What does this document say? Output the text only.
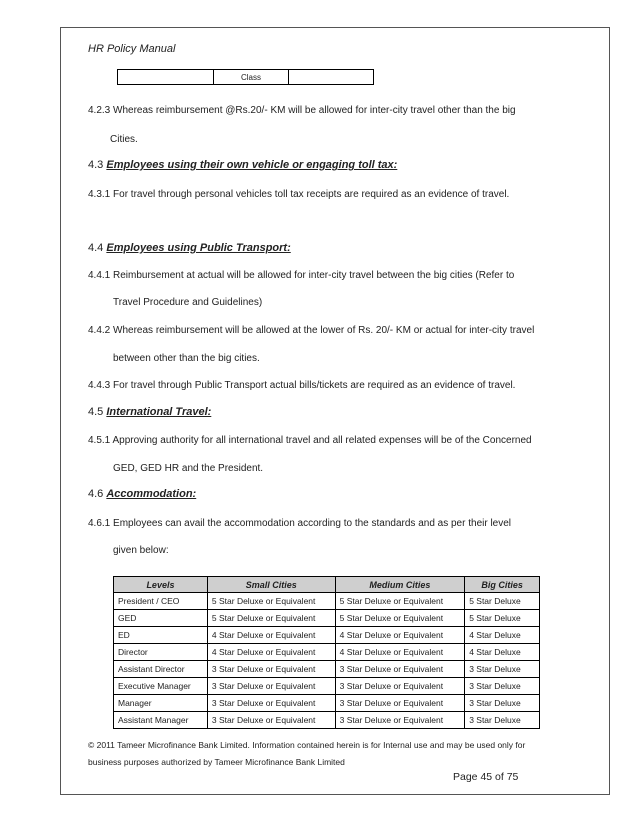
HR Policy Manual
	Class	
4.2.3 Whereas reimbursement @Rs.20/- KM will be allowed for inter-city travel other than the big
Cities.
4.3 Employees using their own vehicle or engaging toll tax:
4.3.1 For travel through personal vehicles toll tax receipts are required as an evidence of travel.
4.4 Employees using Public Transport:
4.4.1 Reimbursement at actual will be allowed for inter-city travel between the big cities (Refer to
Travel Procedure and Guidelines)
4.4.2 Whereas reimbursement will be allowed at the lower of Rs. 20/- KM or actual for inter-city travel
between other than the big cities.
4.4.3 For travel through Public Transport actual bills/tickets are required as an evidence of travel.
4.5 International Travel:
4.5.1 Approving authority for all international travel and all related expenses will be of the Concerned
GED, GED HR and the President.
4.6 Accommodation:
4.6.1 Employees can avail the accommodation according to the standards and as per their level
given below:
Levels	Small Cities	Medium Cities	Big Cities
President / CEO	5 Star Deluxe or Equivalent	5 Star Deluxe or Equivalent	5 Star Deluxe
GED	5 Star Deluxe or Equivalent	5 Star Deluxe or Equivalent	5 Star Deluxe
ED	4 Star Deluxe or Equivalent	4 Star Deluxe or Equivalent	4 Star Deluxe
Director	4 Star Deluxe or Equivalent	4 Star Deluxe or Equivalent	4 Star Deluxe
Assistant Director	3 Star Deluxe or Equivalent	3 Star Deluxe or Equivalent	3 Star Deluxe
Executive Manager	3 Star Deluxe or Equivalent	3 Star Deluxe or Equivalent	3 Star Deluxe
Manager	3 Star Deluxe or Equivalent	3 Star Deluxe or Equivalent	3 Star Deluxe
Assistant Manager	3 Star Deluxe or Equivalent	3 Star Deluxe or Equivalent	3 Star Deluxe
© 2011 Tameer Microfinance Bank Limited. Information contained herein is for Internal use and may be used only for
business purposes authorized by Tameer Microfinance Bank Limited
Page 45 of 75
